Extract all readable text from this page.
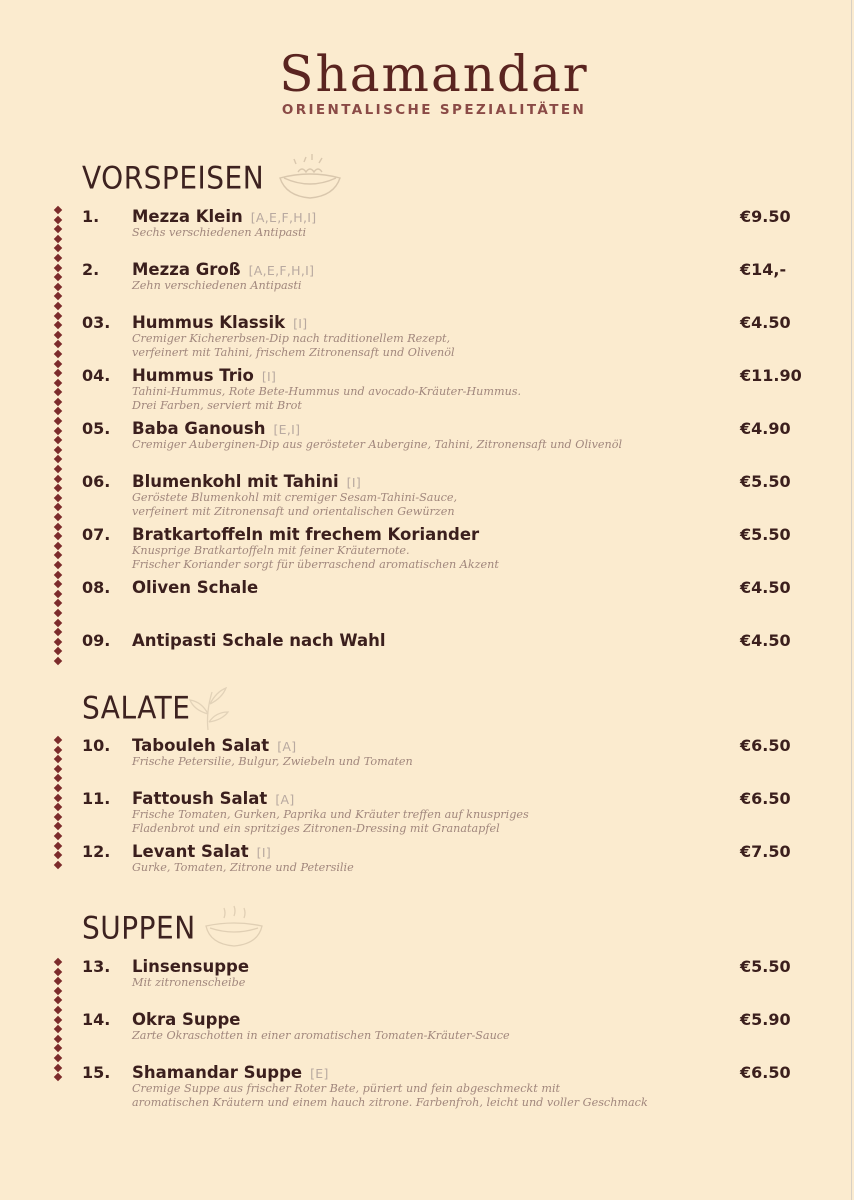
Shamandar
ORIENTALISCHE SPEZIALITÄTEN
VORSPEISEN
1. Mezza Klein [A,E,F,H,I]
Sechs verschiedenen Antipasti
€9.50
2. Mezza Groß [A,E,F,H,I]
Zehn verschiedenen Antipasti
€14,-
03. Hummus Klassik [I]
Cremiger Kichererbsen-Dip nach traditionellem Rezept,
verfeinert mit Tahini, frischem Zitronensaft und Olivenöl
€4.50
04. Hummus Trio [I]
Tahini-Hummus, Rote Bete-Hummus und avocado-Kräuter-Hummus.
Drei Farben, serviert mit Brot
€11.90
05. Baba Ganoush [E,I]
Cremiger Auberginen-Dip aus gerösteter Aubergine, Tahini, Zitronensaft und Olivenöl
€4.90
06. Blumenkohl mit Tahini [I]
Geröstete Blumenkohl mit cremiger Sesam-Tahini-Sauce,
verfeinert mit Zitronensaft und orientalischen Gewürzen
€5.50
07. Bratkartoffeln mit frechem Koriander
Knusprige Bratkartoffeln mit feiner Kräuternote.
Frischer Koriander sorgt für überraschend aromatischen Akzent
€5.50
08. Oliven Schale	€4.50
09. Antipasti Schale nach Wahl	€4.50
SALATE
10. Tabouleh Salat [A]
Frische Petersilie, Bulgur, Zwiebeln und Tomaten
€6.50
11. Fattoush Salat [A]
Frische Tomaten, Gurken, Paprika und Kräuter treffen auf knuspriges
Fladenbrot und ein spritziges Zitronen-Dressing mit Granatapfel
€6.50
12. Levant Salat [I]
Gurke, Tomaten, Zitrone und Petersilie
€7.50
SUPPEN
13. Linsensuppe
Mit zitronenscheibe
€5.50
14. Okra Suppe
Zarte Okraschotten in einer aromatischen Tomaten-Kräuter-Sauce
€5.90
15. Shamandar Suppe [E]
Cremige Suppe aus frischer Roter Bete, püriert und fein abgeschmeckt mit
aromatischen Kräutern und einem hauch zitrone. Farbenfroh, leicht und voller Geschmack
€6.50
